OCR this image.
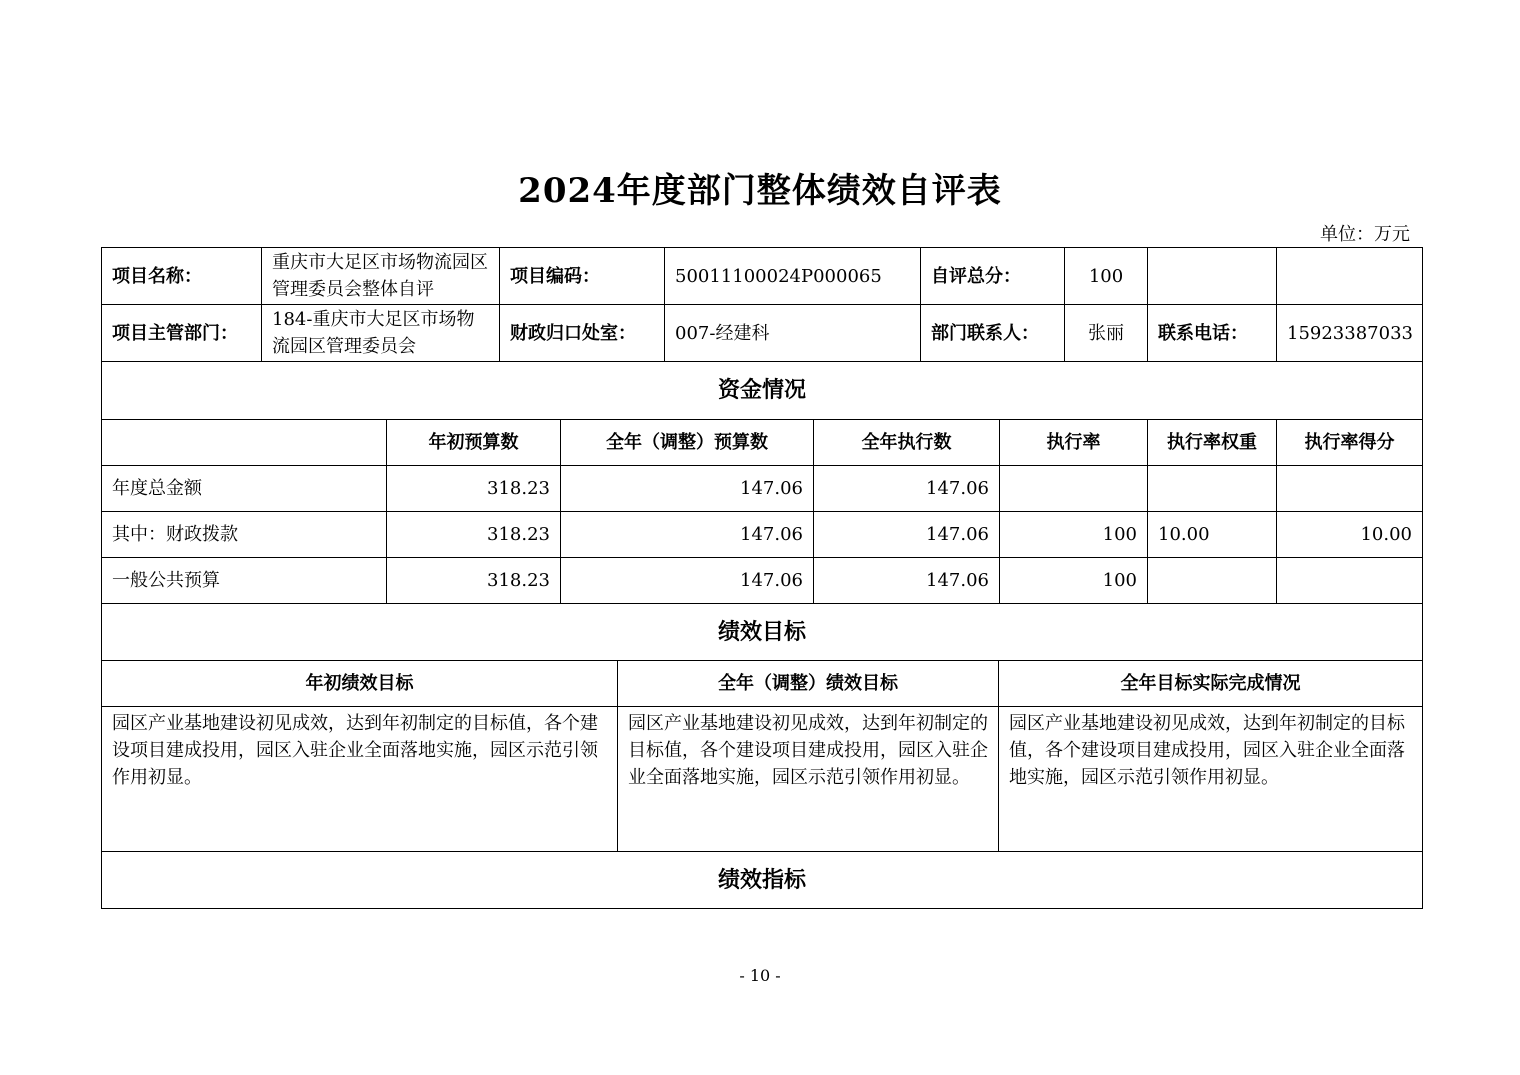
2024年度部门整体绩效自评表
单位：万元
项目名称：	重庆市大足区市场物流园区管理委员会整体自评	项目编码：	50011100024P000065	自评总分：	100		
项目主管部门：	184-重庆市大足区市场物流园区管理委员会	财政归口处室：	007-经建科	部门联系人：	张丽	联系电话：	15923387033
资金情况							
	年初预算数	全年（调整）预算数	全年执行数	执行率	执行率权重	执行率得分
年度总金额	318.23	147.06	147.06			
其中：财政拨款	318.23	147.06	147.06	100	10.00	10.00
一般公共预算	318.23	147.06	147.06	100		
绩效目标						
年初绩效目标	全年（调整）绩效目标	全年目标实际完成情况
园区产业基地建设初见成效，达到年初制定的目标值，各个建设项目建成投用，园区入驻企业全面落地实施，园区示范引领作用初显。	园区产业基地建设初见成效，达到年初制定的目标值，各个建设项目建成投用，园区入驻企业全面落地实施，园区示范引领作用初显。	园区产业基地建设初见成效，达到年初制定的目标值，各个建设项目建成投用，园区入驻企业全面落地实施，园区示范引领作用初显。
绩效指标		
- 10 -
